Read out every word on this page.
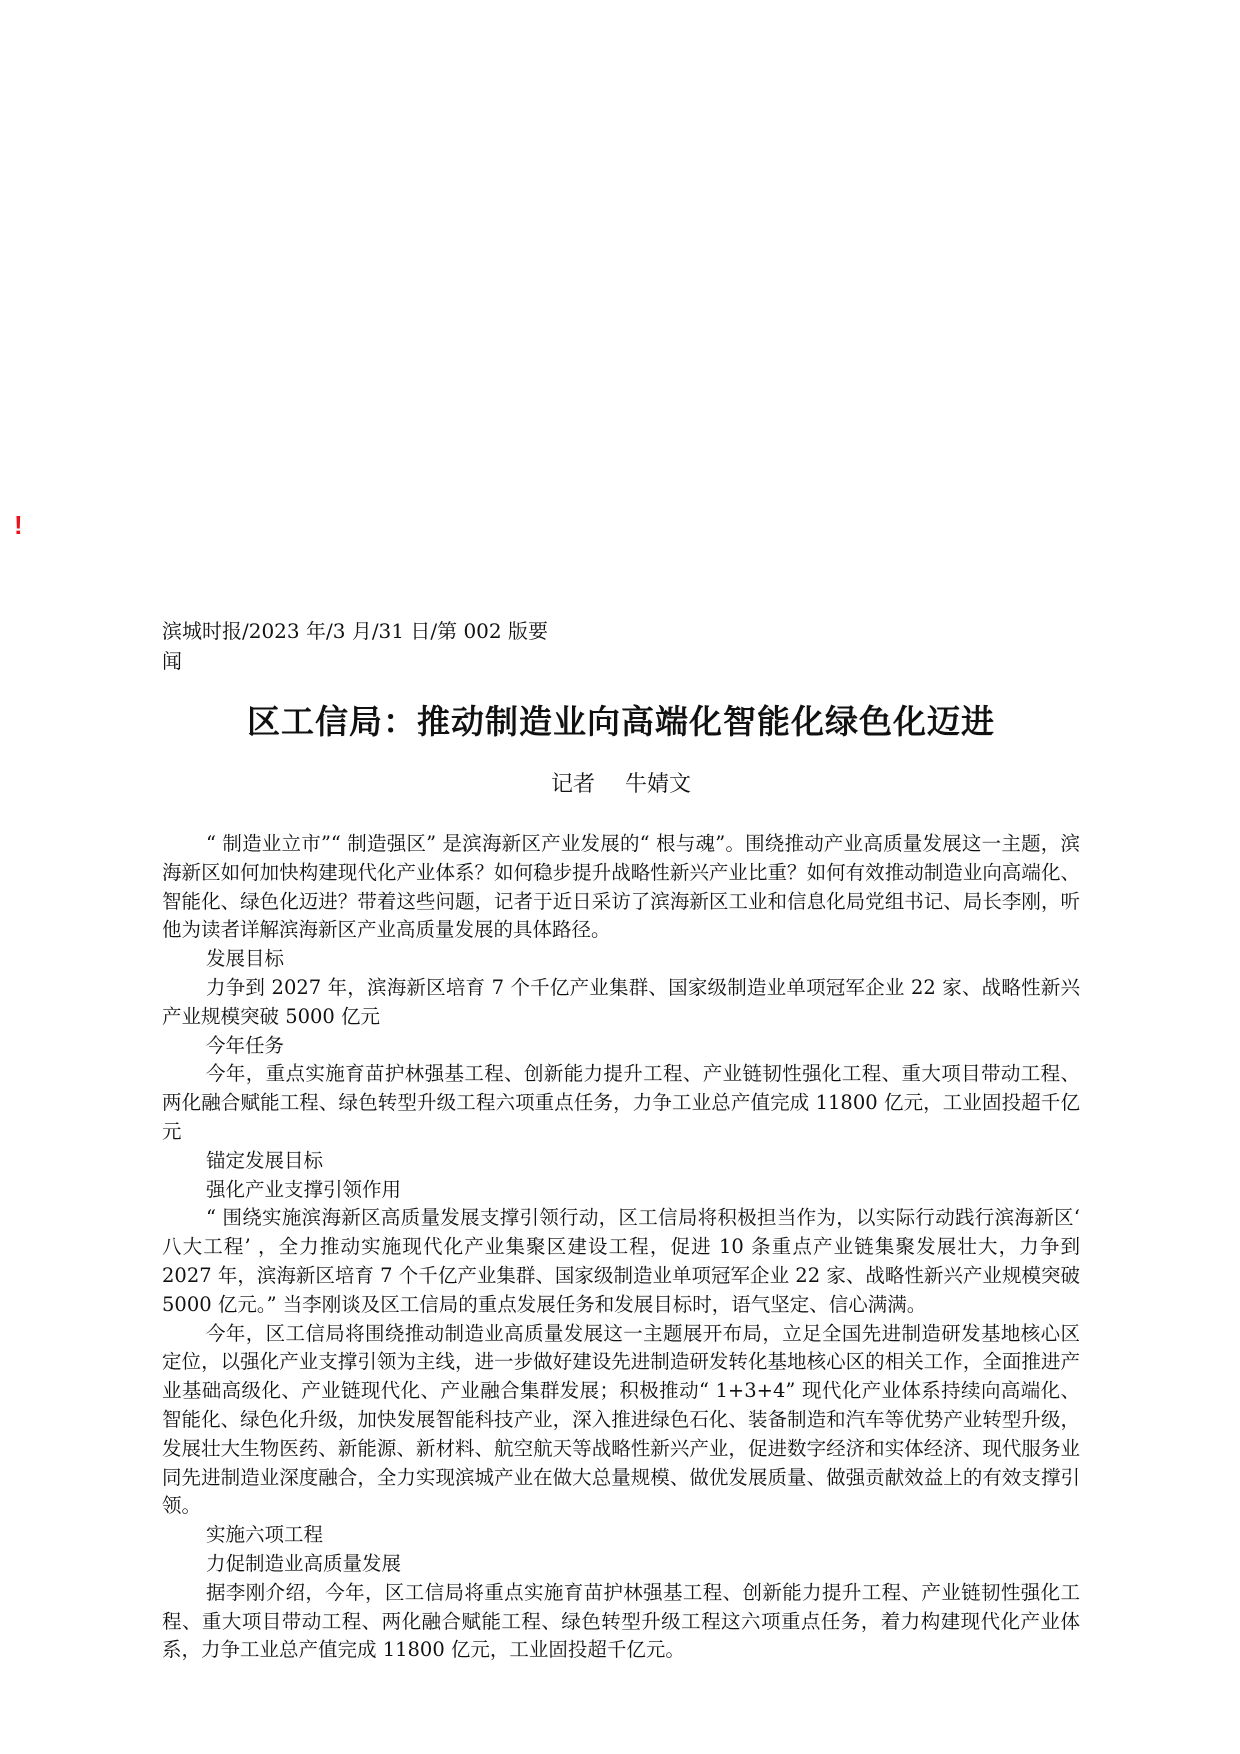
!
滨城时报/2023 年/3 月/31 日/第 002 版要闻
区工信局：推动制造业向高端化智能化绿色化迈进
记者 牛婧文

“ 制造业立市”“ 制造强区” 是滨海新区产业发展的“ 根与魂”。围绕推动产业高质量发展这一主题，滨海新区如何加快构建现代化产业体系？如何稳步提升战略性新兴产业比重？如何有效推动制造业向高端化、智能化、绿色化迈进？带着这些问题，记者于近日采访了滨海新区工业和信息化局党组书记、局长李刚，听他为读者详解滨海新区产业高质量发展的具体路径。

发展目标

力争到 2027 年，滨海新区培育 7 个千亿产业集群、国家级制造业单项冠军企业 22 家、战略性新兴产业规模突破 5000 亿元

今年任务

今年，重点实施育苗护林强基工程、创新能力提升工程、产业链韧性强化工程、重大项目带动工程、两化融合赋能工程、绿色转型升级工程六项重点任务，力争工业总产值完成 11800 亿元，工业固投超千亿元

锚定发展目标

强化产业支撑引领作用

“ 围绕实施滨海新区高质量发展支撑引领行动，区工信局将积极担当作为，以实际行动践行滨海新区‘ 八大工程’ ，全力推动实施现代化产业集聚区建设工程，促进 10 条重点产业链集聚发展壮大，力争到 2027 年，滨海新区培育 7 个千亿产业集群、国家级制造业单项冠军企业 22 家、战略性新兴产业规模突破 5000 亿元。” 当李刚谈及区工信局的重点发展任务和发展目标时，语气坚定、信心满满。

今年，区工信局将围绕推动制造业高质量发展这一主题展开布局，立足全国先进制造研发基地核心区定位，以强化产业支撑引领为主线，进一步做好建设先进制造研发转化基地核心区的相关工作，全面推进产业基础高级化、产业链现代化、产业融合集群发展；积极推动“ 1+3+4” 现代化产业体系持续向高端化、智能化、绿色化升级，加快发展智能科技产业，深入推进绿色石化、装备制造和汽车等优势产业转型升级，发展壮大生物医药、新能源、新材料、航空航天等战略性新兴产业，促进数字经济和实体经济、现代服务业同先进制造业深度融合，全力实现滨城产业在做大总量规模、做优发展质量、做强贡献效益上的有效支撑引领。

实施六项工程

力促制造业高质量发展

据李刚介绍，今年，区工信局将重点实施育苗护林强基工程、创新能力提升工程、产业链韧性强化工程、重大项目带动工程、两化融合赋能工程、绿色转型升级工程这六项重点任务，着力构建现代化产业体系，力争工业总产值完成 11800 亿元，工业固投超千亿元。
